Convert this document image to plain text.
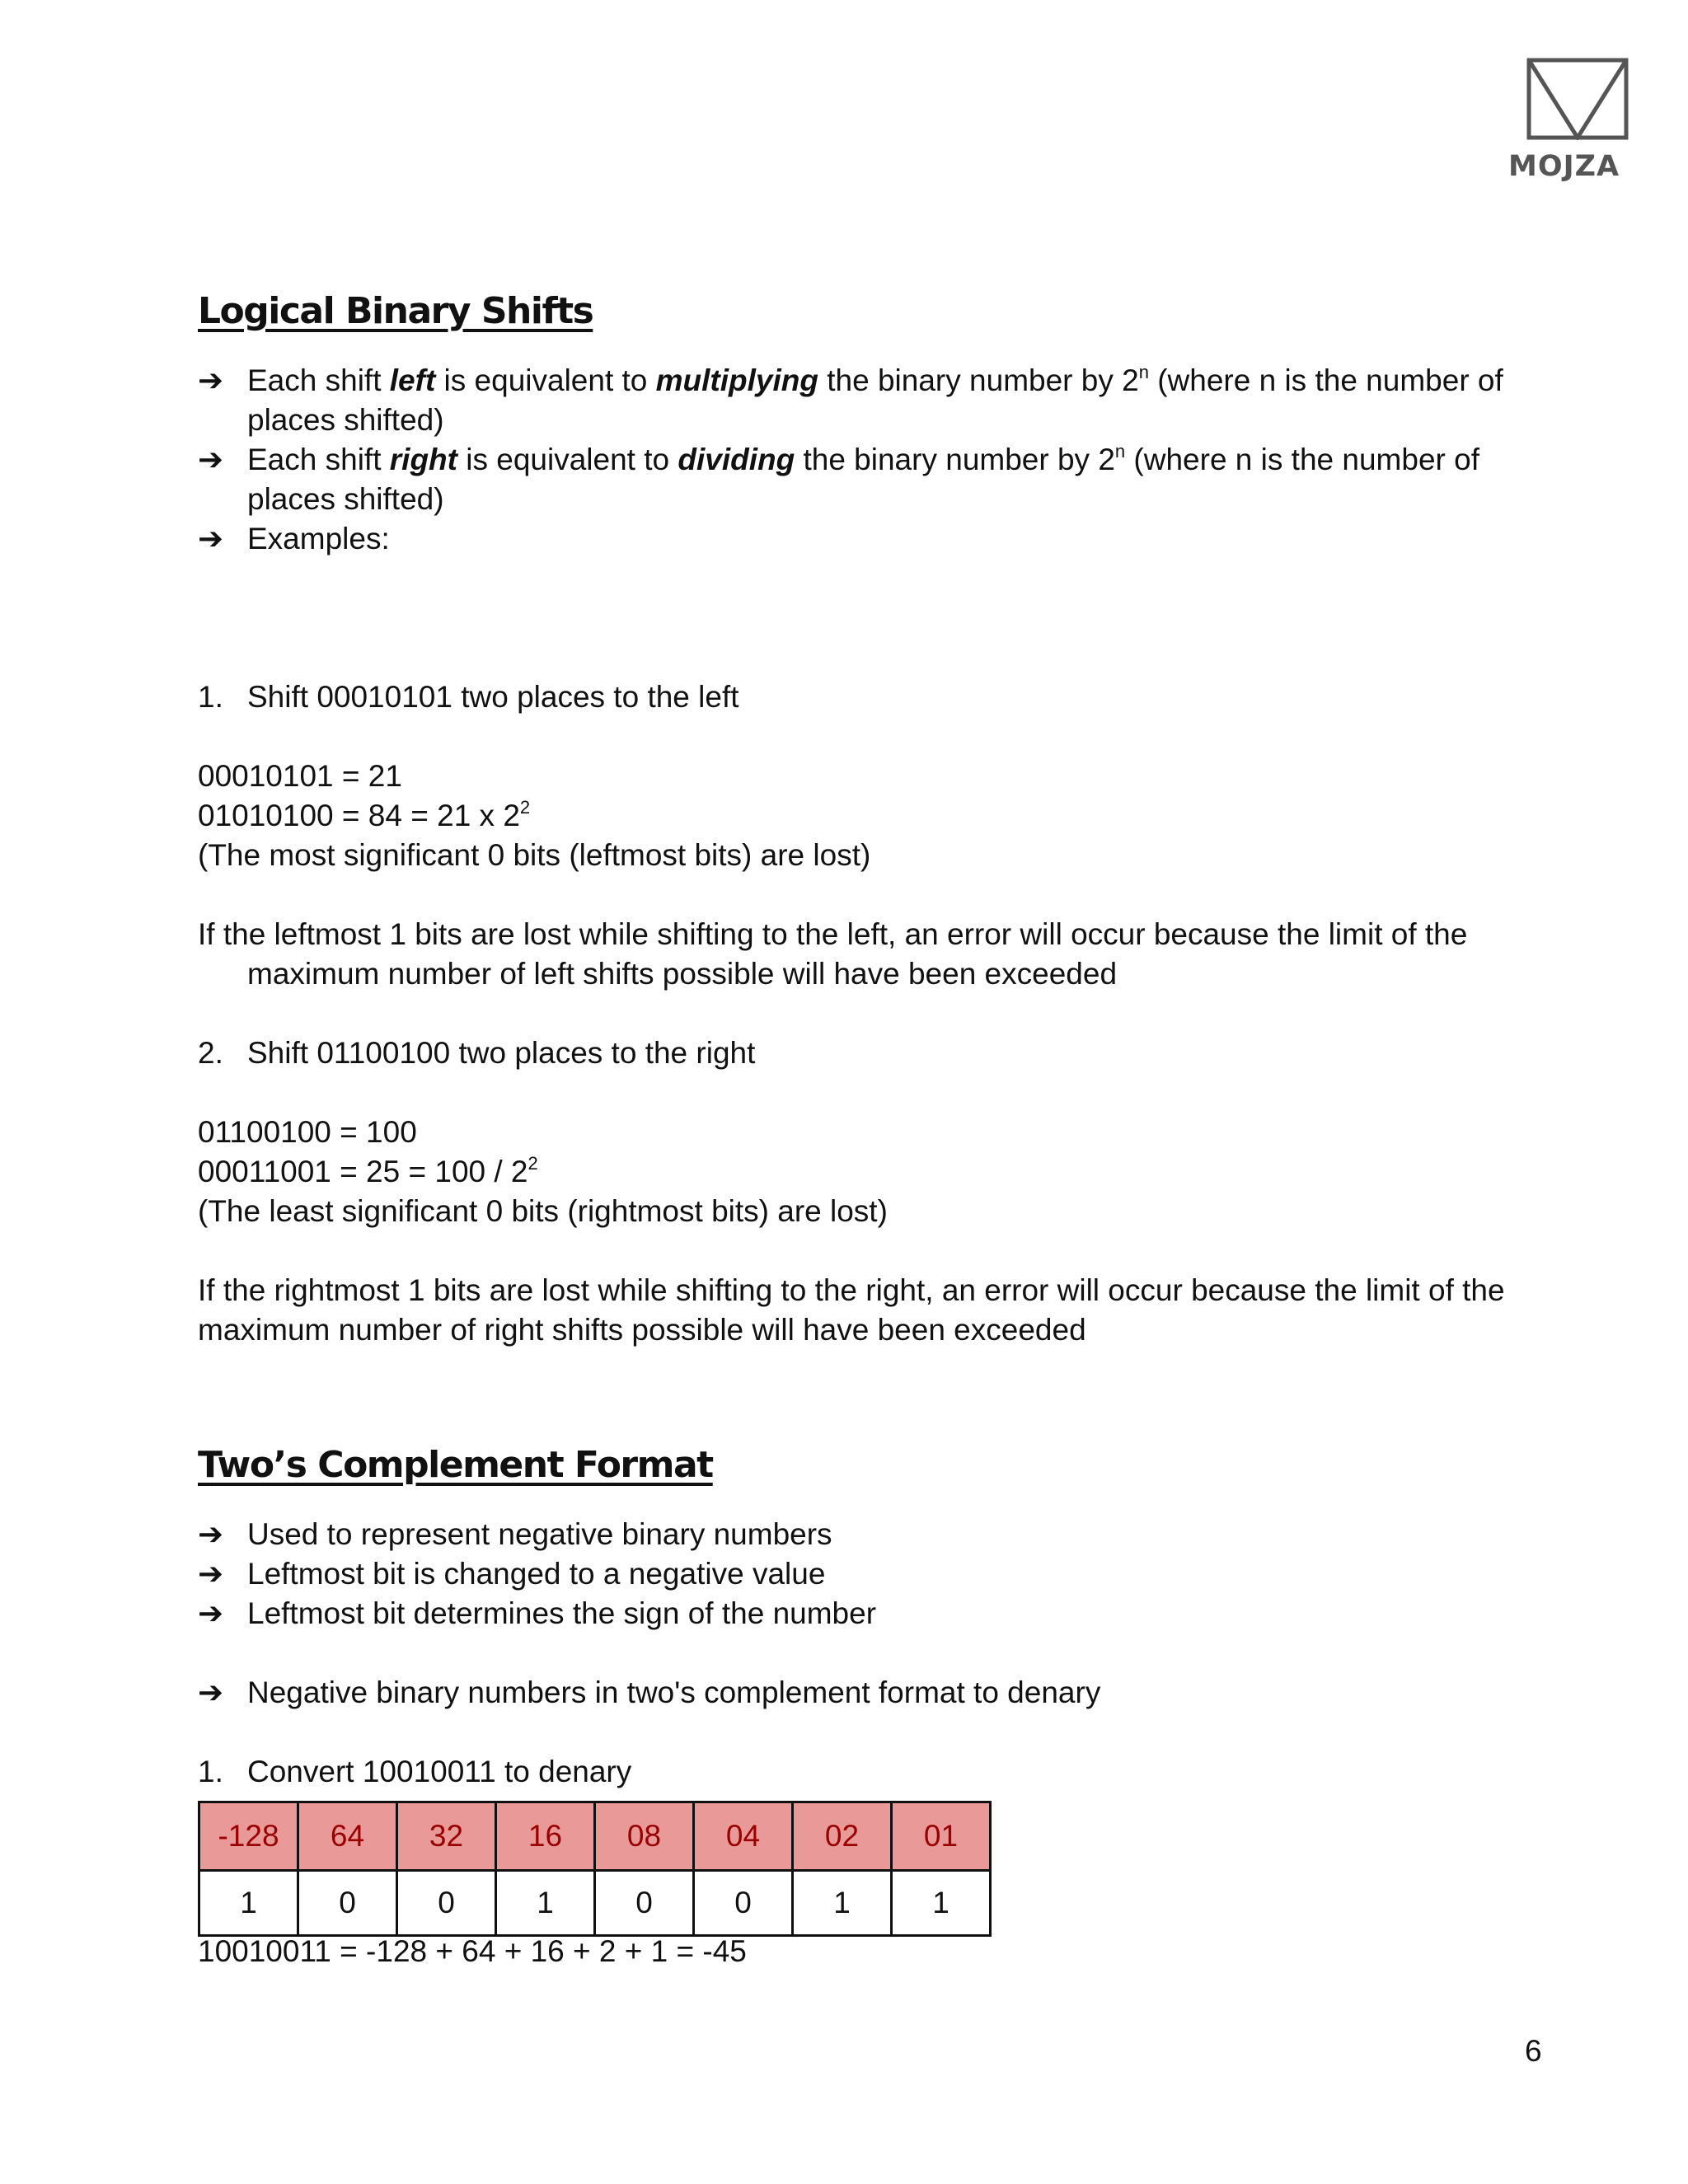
MOJZA
Logical Binary Shifts
➔ Each shift left is equivalent to multiplying the binary number by 2$^n$ (where n is the number of
places shifted)
➔ Each shift right is equivalent to dividing the binary number by 2$^n$ (where n is the number of
places shifted)
➔ Examples:
1. Shift 00010101 two places to the left
00010101 = 21
01010100 = 84 = 21 x $2^2$
(The most significant 0 bits (leftmost bits) are lost)
If the leftmost 1 bits are lost while shifting to the left, an error will occur because the limit of the
maximum number of left shifts possible will have been exceeded
2. Shift 01100100 two places to the right
01100100 = 100
$00011001 = 25 = 100 / 2^2$
(The least significant 0 bits (rightmost bits) are lost)
If the rightmost 1 bits are lost while shifting to the right, an error will occur because the limit of the
maximum number of right shifts possible will have been exceeded
Two’s Complement Format
➔ Used to represent negative binary numbers
➔ Leftmost bit is changed to a negative value
➔ Leftmost bit determines the sign of the number
➔ Negative binary numbers in two's complement format to denary
1. Convert 10010011 to denary
-128	64	32	16	08	04	02	01
1	0	0	1	0	0	1	1
10010011 = -128 + 64 + 16 + 2 + 1 = -45
6
